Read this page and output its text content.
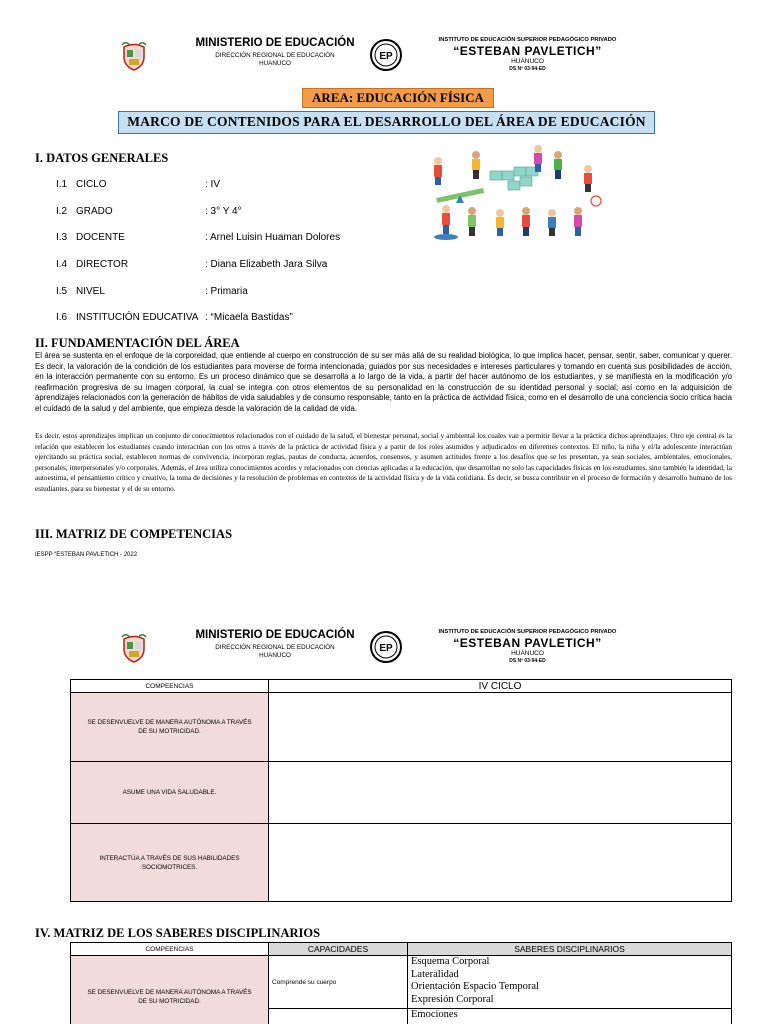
MINISTERIO DE EDUCACIÓN
DIRECCIÓN REGIONAL DE EDUCACIÓN
HUANUCO
EP
INSTITUTO DE EDUCACIÓN SUPERIOR PEDAGÓGICO PRIVADO
“ESTEBAN PAVLETICH”
HUÁNUCO
DS Nº 03-94-ED
AREA: EDUCACIÓN FÍSICA
MARCO DE CONTENIDOS PARA EL DESARROLLO DEL ÁREA DE EDUCACIÓN
I. DATOS GENERALES
I.1 CICLO	: IV
I.2 GRADO	: 3° Y 4°
I.3 DOCENTE	: Arnel Luisin Huaman Dolores
I.4 DIRECTOR	: Diana Elizabeth Jara Silva
I.5 NIVEL	: Primaria
I.6 INSTITUCIÓN EDUCATIVA : “Micaela Bastidas”
II. FUNDAMENTACIÓN DEL ÁREA
El área se sustenta en el enfoque de la corporeidad, que entiende al cuerpo en construcción de su ser más allá de su realidad biológica, lo que implica hacer, pensar, sentir, saber, comunicar y querer. Es decir, la valoración de la condición de los estudiantes para moverse de forma intencionada, guiados por sus necesidades e intereses particulares y tomando en cuenta sus posibilidades de acción, en la interacción permanente con su entorno. Es un proceso dinámico que se desarrolla a lo largo de la vida, a partir del hacer autónomo de los estudiantes, y se manifiesta en la modificación y/o reafirmación progresiva de su imagen corporal, la cual se integra con otros elementos de su personalidad en la construcción de su identidad personal y social; así como en la adquisición de aprendizajes relacionados con la generación de hábitos de vida saludables y de consumo responsable, tanto en la práctica de actividad física, como en el desarrollo de una conciencia socio crítica hacia el cuidado de la salud y del ambiente, que empieza desde la valoración de la calidad de vida.
Es decir, estos aprendizajes implican un conjunto de conocimientos relacionados con el cuidado de la salud, el bienestar personal, social y ambiental los cuales van a permitir llevar a la práctica dichos aprendizajes. Otro eje central es la relación que establecen los estudiantes cuando interactúan con los otros a través de la práctica de actividad física y a partir de los roles asumidos y adjudicados en diferentes contextos. El niño, la niña y el/la adolescente interactúan ejercitando su práctica social, establecen normas de convivencia, incorporan reglas, pautas de conducta, acuerdos, consensos, y asumen actitudes frente a los desafíos que se les presentan, ya sean sociales, ambientales, emocionales, personales, interpersonales y/o corporales. Además, el área utiliza conocimientos acordes y relacionados con ciencias aplicadas a la educación, que desarrollan no solo las capacidades físicas en los estudiantes, sino también la identidad, la autoestima, el pensamiento crítico y creativo, la toma de decisiones y la resolución de problemas en contextos de la actividad física y de la vida cotidiana. Es decir, se busca contribuir en el proceso de formación y desarrollo humano de los estudiantes, para su bienestar y el de su entorno.
III. MATRIZ DE COMPETENCIAS
IESPP “ESTEBAN PAVLETICH - 2022
MINISTERIO DE EDUCACIÓN
DIRECCIÓN REGIONAL DE EDUCACIÓN
HUANUCO
EP
INSTITUTO DE EDUCACIÓN SUPERIOR PEDAGÓGICO PRIVADO
“ESTEBAN PAVLETICH”
HUÁNUCO
DS Nº 03-94-ED
COMPEENCIAS	IV CICLO
SE DESENVUELVE DE MANERA AUTÓNOMA A TRAVÉS DE SU MOTRICIDAD.	
ASUME UNA VIDA SALUDABLE.	
INTERACTÚA A TRAVÉS DE SUS HABILIDADES SOCIOMOTRICES.	
IV. MATRIZ DE LOS SABERES DISCIPLINARIOS
COMPEENCIAS	CAPACIDADES	SABERES DISCIPLINARIOS
SE DESENVUELVE DE MANERA AUTÓNOMA A TRAVÉS DE SU MOTRICIDAD.	Comprende su cuerpo	Esquema Corporal
Lateralidad
Orientación Espacio Temporal
Expresión Corporal

		Emociones
